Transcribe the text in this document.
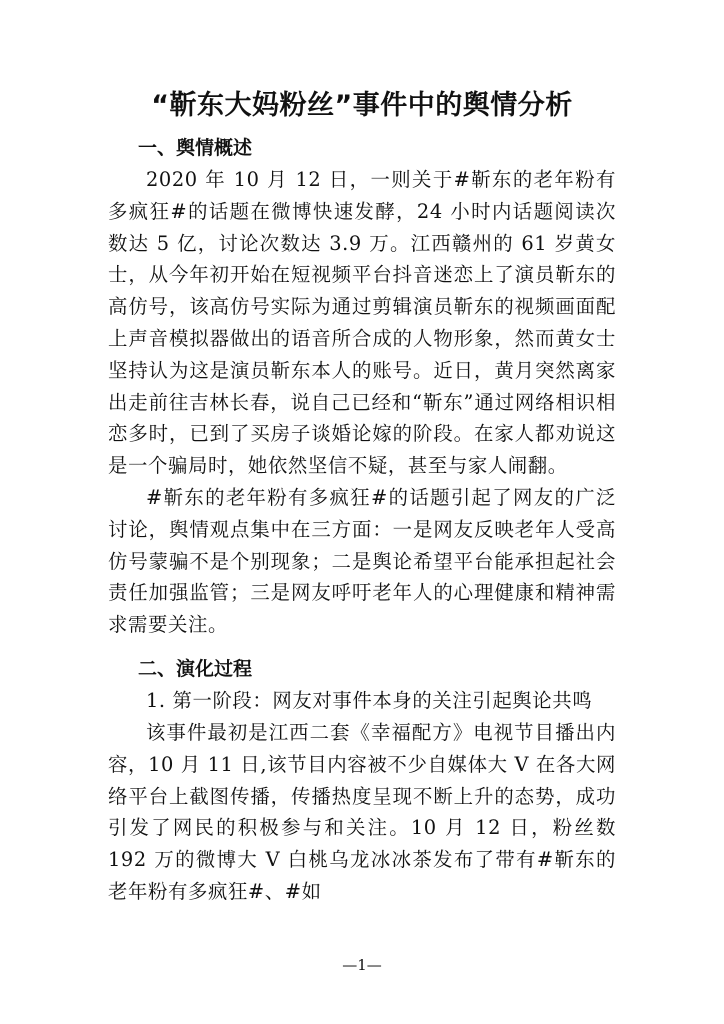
“靳东大妈粉丝”事件中的舆情分析
一、舆情概述

2020 年 10 月 12 日，一则关于#靳东的老年粉有多疯狂#的话题在微博快速发酵，24 小时内话题阅读次数达 5 亿，讨论次数达 3.9 万。江西赣州的 61 岁黄女士，从今年初开始在短视频平台抖音迷恋上了演员靳东的高仿号，该高仿号实际为通过剪辑演员靳东的视频画面配上声音模拟器做出的语音所合成的人物形象，然而黄女士坚持认为这是演员靳东本人的账号。近日，黄月突然离家出走前往吉林长春，说自己已经和“靳东”通过网络相识相恋多时，已到了买房子谈婚论嫁的阶段。在家人都劝说这是一个骗局时，她依然坚信不疑，甚至与家人闹翻。

#靳东的老年粉有多疯狂#的话题引起了网友的广泛讨论，舆情观点集中在三方面：一是网友反映老年人受高仿号蒙骗不是个别现象；二是舆论希望平台能承担起社会责任加强监管；三是网友呼吁老年人的心理健康和精神需求需要关注。

二、演化过程

1. 第一阶段：网友对事件本身的关注引起舆论共鸣

该事件最初是江西二套《幸福配方》电视节目播出内容，10 月 11 日,该节目内容被不少自媒体大 V 在各大网络平台上截图传播，传播热度呈现不断上升的态势，成功引发了网民的积极参与和关注。10 月 12 日，粉丝数 192 万的微博大 V 白桃乌龙冰冰茶发布了带有#靳东的老年粉有多疯狂#、#如

—1—
